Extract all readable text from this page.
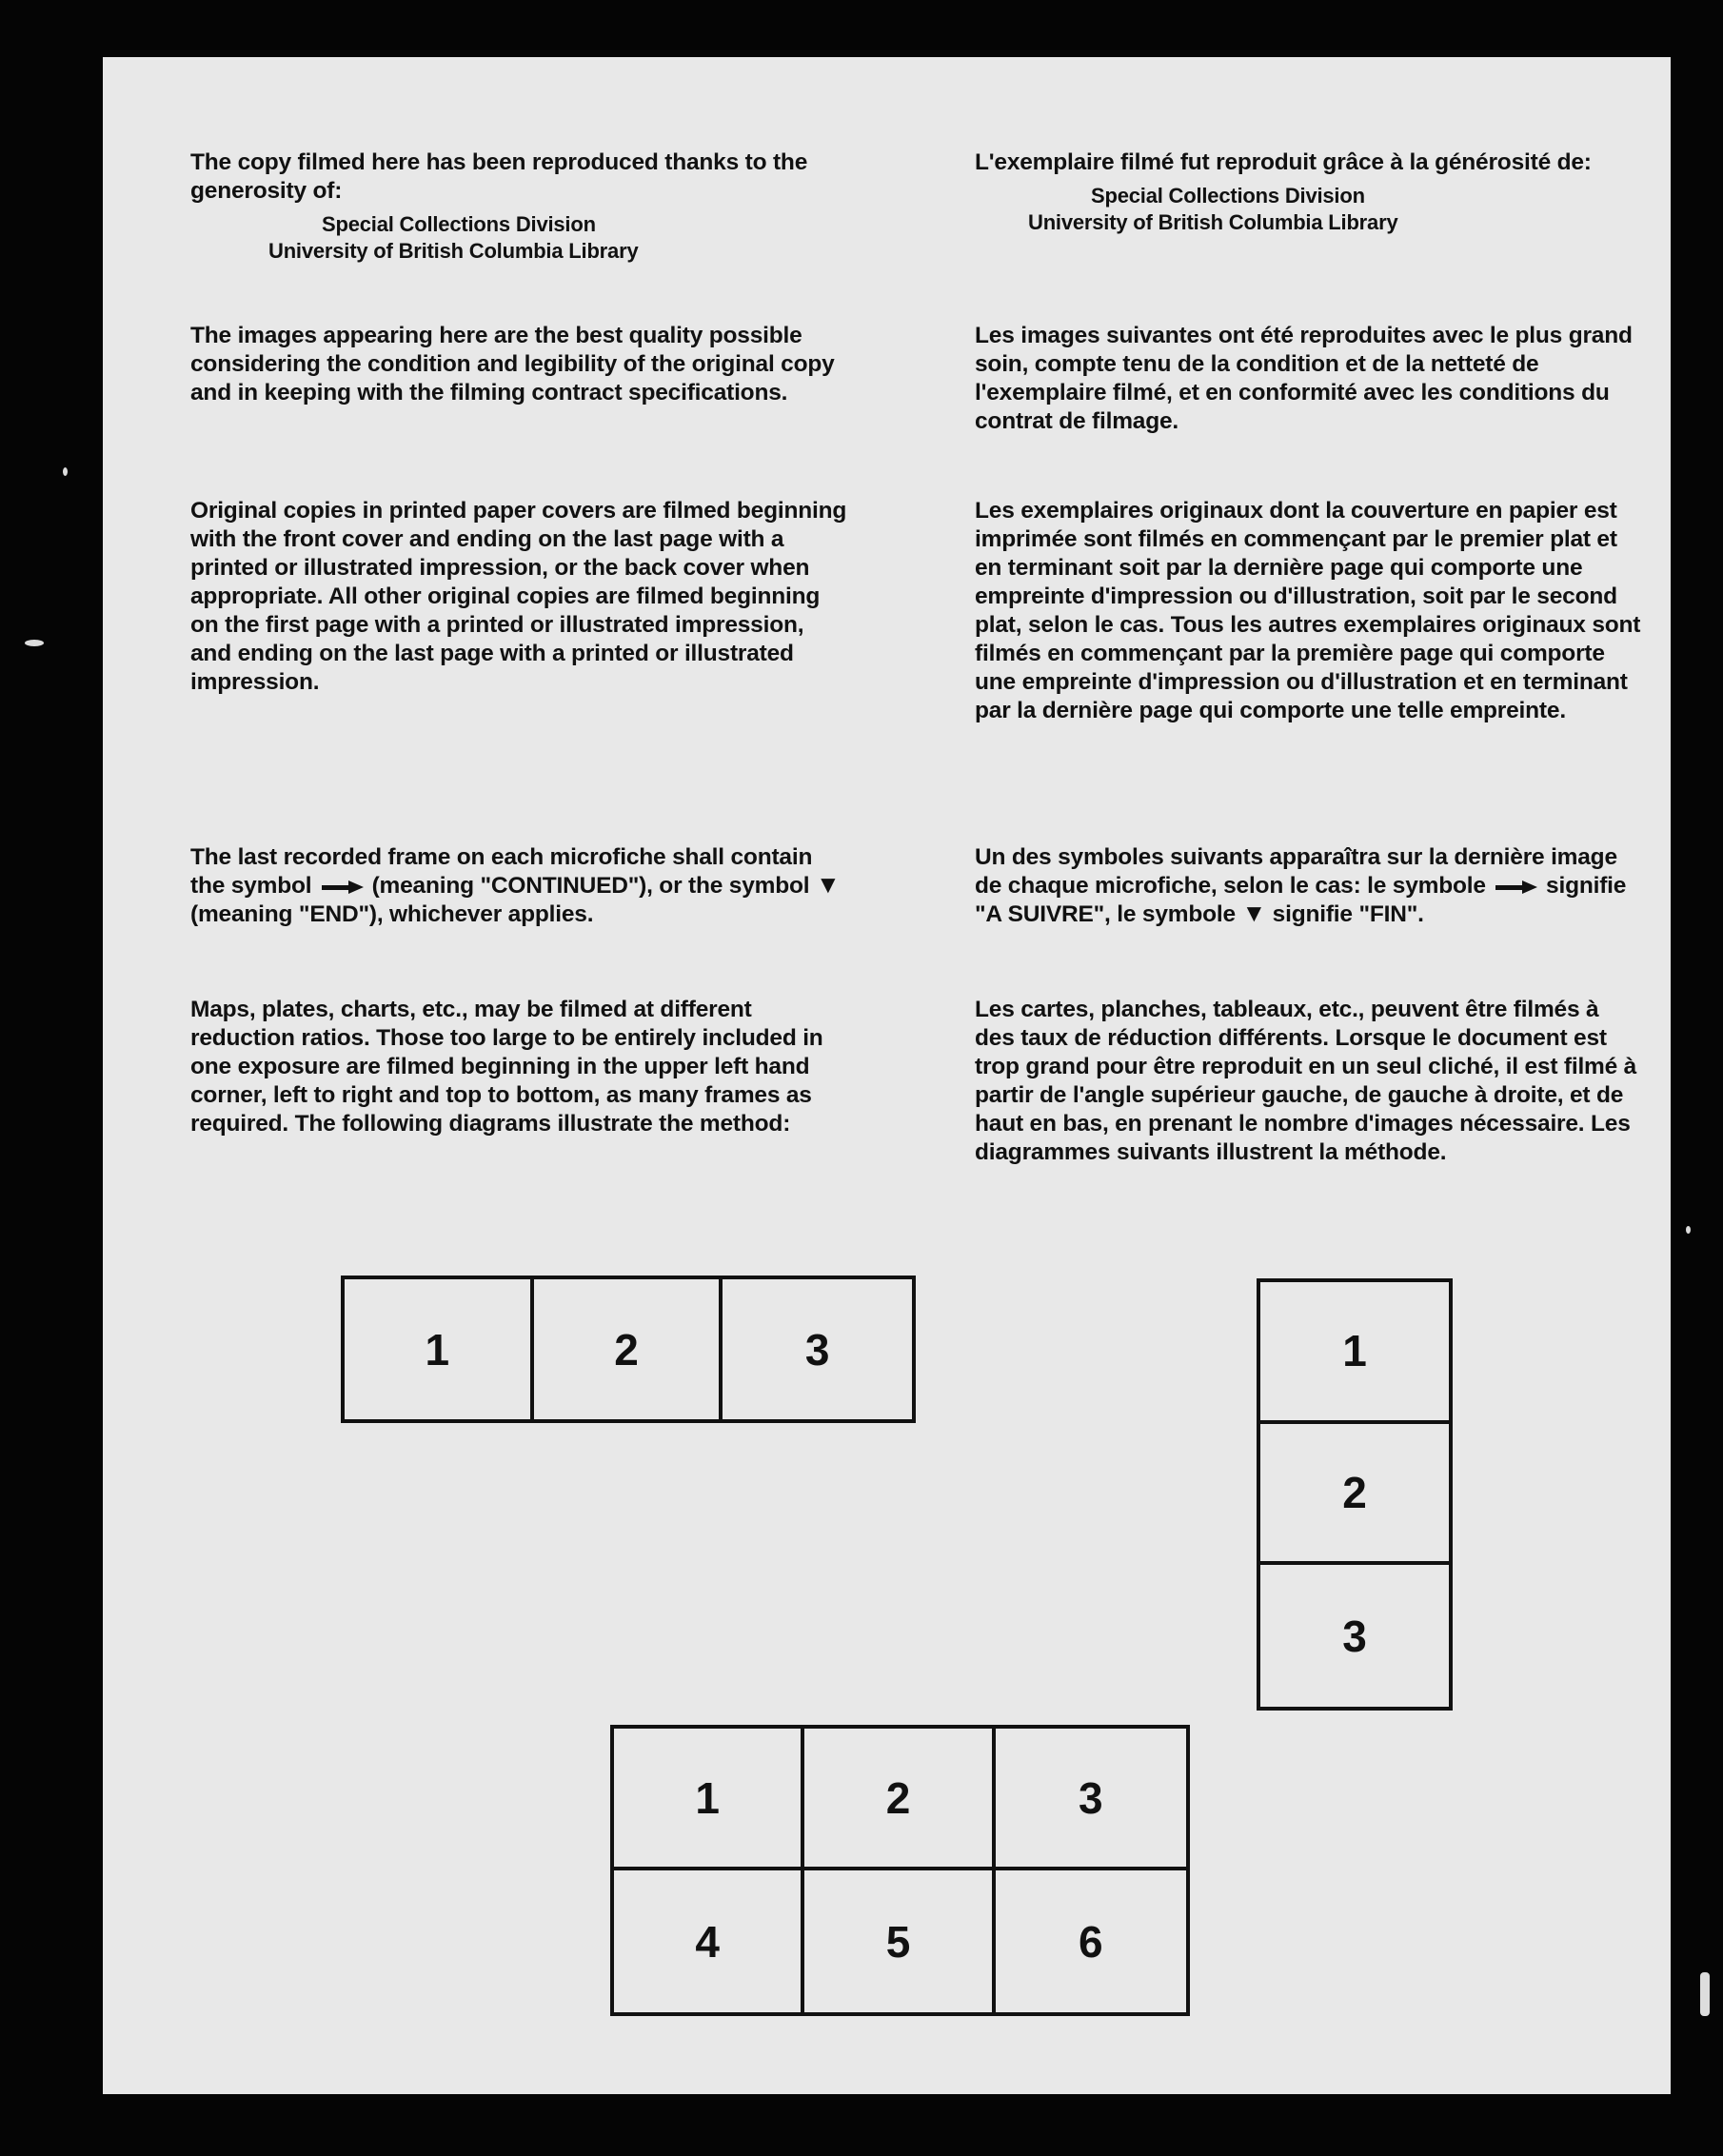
The copy filmed here has been reproduced thanks to the generosity of:
Special Collections Division
University of British Columbia Library

The images appearing here are the best quality possible considering the condition and legibility of the original copy and in keeping with the filming contract specifications.

Original copies in printed paper covers are filmed beginning with the front cover and ending on the last page with a printed or illustrated impression, or the back cover when appropriate. All other original copies are filmed beginning on the first page with a printed or illustrated impression, and ending on the last page with a printed or illustrated impression.

The last recorded frame on each microfiche shall contain the symbol	(meaning "CONTINUED"), or the symbol ▼ (meaning "END"), whichever applies.

Maps, plates, charts, etc., may be filmed at different reduction ratios. Those too large to be entirely included in one exposure are filmed beginning in the upper left hand corner, left to right and top to bottom, as many frames as required. The following diagrams illustrate the method:

L'exemplaire filmé fut reproduit grâce à la générosité de:
Special Collections Division
University of British Columbia Library

Les images suivantes ont été reproduites avec le plus grand soin, compte tenu de la condition et de la netteté de l'exemplaire filmé, et en conformité avec les conditions du contrat de filmage.

Les exemplaires originaux dont la couverture en papier est imprimée sont filmés en commençant par le premier plat et en terminant soit par la dernière page qui comporte une empreinte d'impression ou d'illustration, soit par le second plat, selon le cas. Tous les autres exemplaires originaux sont filmés en commençant par la première page qui comporte une empreinte d'impression ou d'illustration et en terminant par la dernière page qui comporte une telle empreinte.

Un des symboles suivants apparaîtra sur la dernière image de chaque microfiche, selon le cas: le symbole	signifie "A SUIVRE", le symbole ▼ signifie "FIN".

Les cartes, planches, tableaux, etc., peuvent être filmés à des taux de réduction différents. Lorsque le document est trop grand pour être reproduit en un seul cliché, il est filmé à partir de l'angle supérieur gauche, de gauche à droite, et de haut en bas, en prenant le nombre d'images nécessaire. Les diagrammes suivants illustrent la méthode.

1	2	3	1
2
3
1	2	3
4	5	6
